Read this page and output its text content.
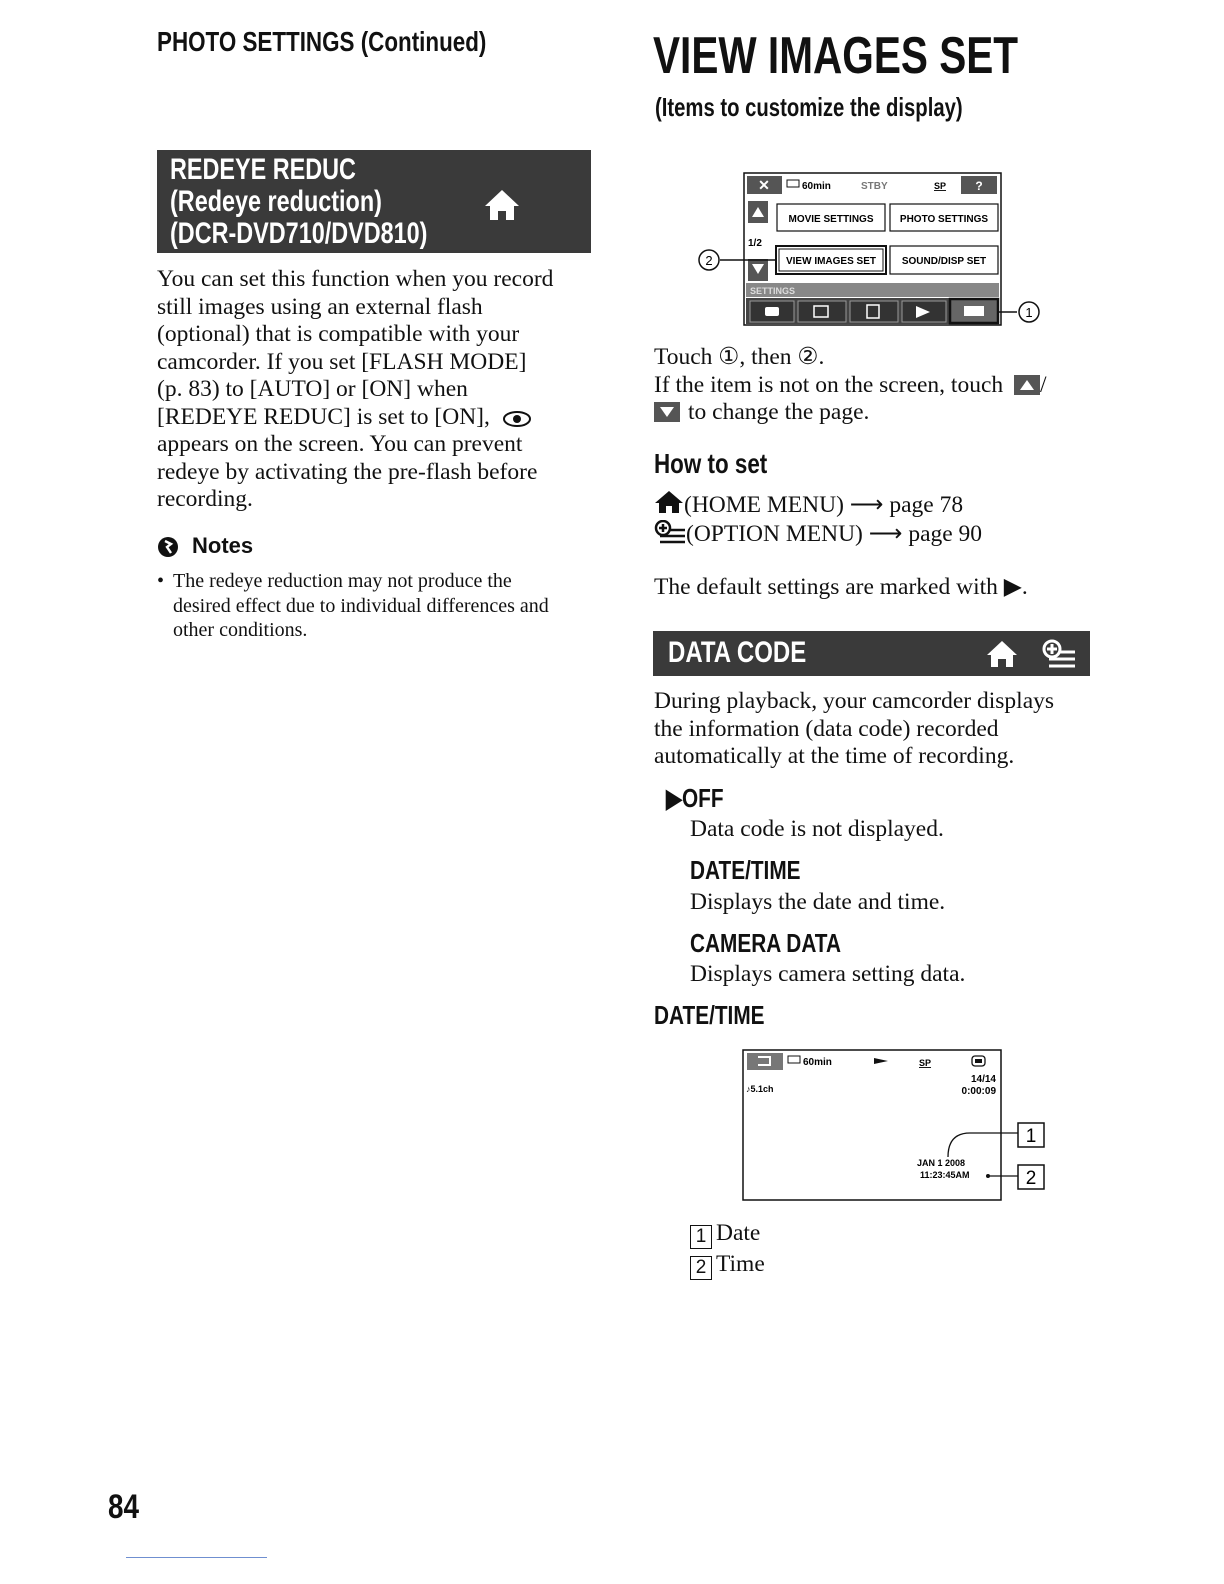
PHOTO SETTINGS (Continued)
REDEYE REDUC
(Redeye reduction)
(DCR-DVD710/DVD810)
You can set this function when you record
still images using an external flash
(optional) that is compatible with your
camcorder. If you set [FLASH MODE]
(p. 83) to [AUTO] or [ON] when
[REDEYE REDUC] is set to [ON],
appears on the screen. You can prevent
redeye by activating the pre-flash before
recording.
Notes
• The redeye reduction may not produce the
desired effect due to individual differences and
other conditions.
84
VIEW IMAGES SET
(Items to customize the display)
✕	60min	STBY	SP ?
MOVIE SETTINGS	PHOTO SETTINGS
1/2
VIEW IMAGES SET	SOUND/DISP SET
SETTINGS
1
2
Touch ①, then ②.
If the item is not on the screen, touch /
to change the page.
How to set
(HOME MENU) ⟶ page 78
(OPTION MENU) ⟶ page 90
The default settings are marked with ▶.
DATA CODE
During playback, your camcorder displays
the information (data code) recorded
automatically at the time of recording.
▶OFF
Data code is not displayed.
DATE/TIME
Displays the date and time.
CAMERA DATA
Displays camera setting data.
DATE/TIME
60min	SP
14/14
♪5.1ch	0:00:09
JAN 1 2008
11:23:45AM
1
2
1 Date
2 Time
